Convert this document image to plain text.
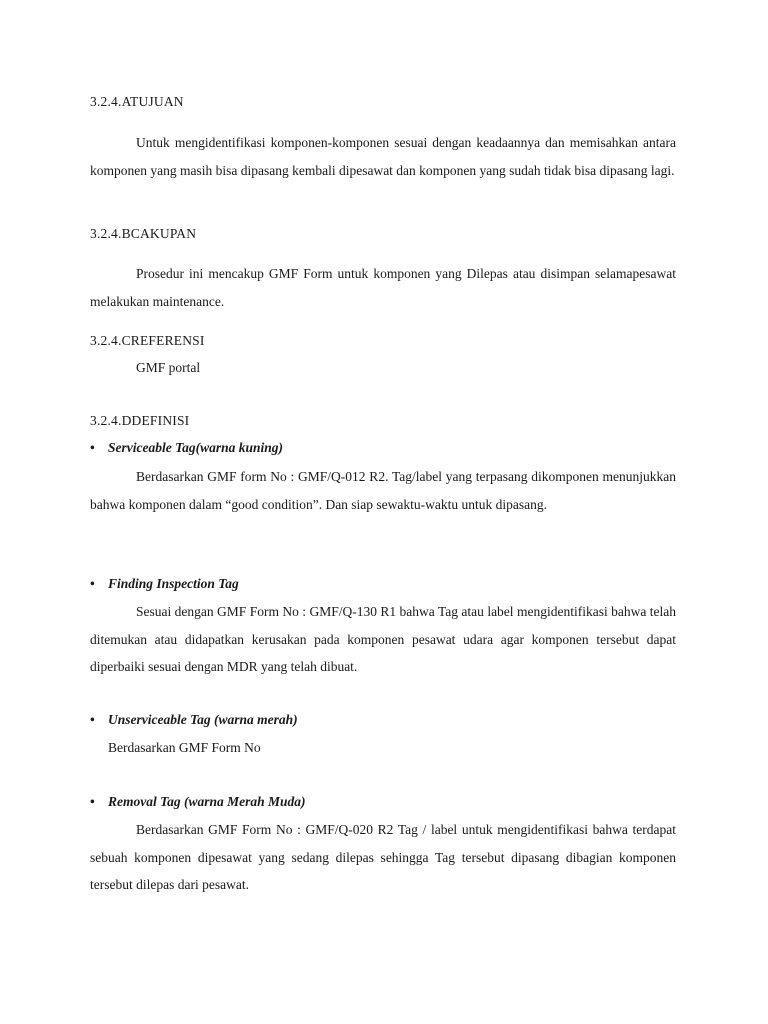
3.2.4.ATUJUAN
Untuk mengidentifikasi komponen-komponen sesuai dengan keadaannya dan memisahkan antara komponen yang masih bisa dipasang kembali dipesawat dan komponen yang sudah tidak bisa dipasang lagi.
3.2.4.BCAKUPAN
Prosedur ini mencakup GMF Form untuk komponen yang Dilepas atau disimpan selamapesawat melakukan maintenance.
3.2.4.CREFERENSI
GMF portal
3.2.4.DDEFINISI
• Serviceable Tag(warna kuning)
Berdasarkan GMF form No : GMF/Q-012 R2. Tag/label yang terpasang dikomponen menunjukkan bahwa komponen dalam “good condition”. Dan siap sewaktu-waktu untuk dipasang.
• Finding Inspection Tag
Sesuai dengan GMF Form No : GMF/Q-130 R1 bahwa Tag atau label mengidentifikasi bahwa telah ditemukan atau didapatkan kerusakan pada komponen pesawat udara agar komponen tersebut dapat diperbaiki sesuai dengan MDR yang telah dibuat.
• Unserviceable Tag (warna merah)
Berdasarkan GMF Form No
• Removal Tag (warna Merah Muda)
Berdasarkan GMF Form No : GMF/Q-020 R2 Tag / label untuk mengidentifikasi bahwa terdapat sebuah komponen dipesawat yang sedang dilepas sehingga Tag tersebut dipasang dibagian komponen tersebut dilepas dari pesawat.
